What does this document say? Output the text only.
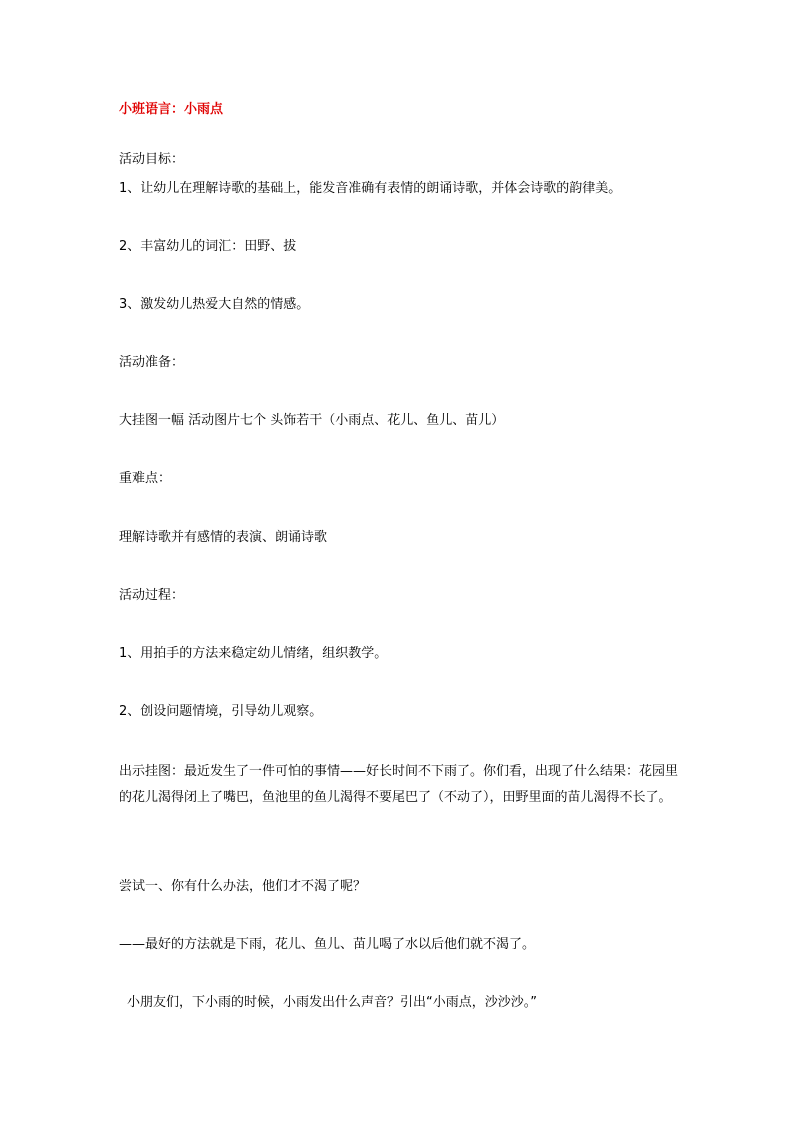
小班语言：小雨点

活动目标：

1、让幼儿在理解诗歌的基础上，能发音准确有表情的朗诵诗歌，并体会诗歌的韵律美。

2、丰富幼儿的词汇：田野、拔

3、激发幼儿热爱大自然的情感。

活动准备：

大挂图一幅 活动图片七个 头饰若干（小雨点、花儿、鱼儿、苗儿）

重难点：

理解诗歌并有感情的表演、朗诵诗歌

活动过程：

1、用拍手的方法来稳定幼儿情绪，组织教学。

2、创设问题情境，引导幼儿观察。

出示挂图：最近发生了一件可怕的事情——好长时间不下雨了。你们看，出现了什么结果：花园里的花儿渴得闭上了嘴巴，鱼池里的鱼儿渴得不要尾巴了（不动了），田野里面的苗儿渴得不长了。

尝试一、你有什么办法，他们才不渴了呢？

——最好的方法就是下雨，花儿、鱼儿、苗儿喝了水以后他们就不渴了。

小朋友们，下小雨的时候，小雨发出什么声音？引出“小雨点，沙沙沙。”
